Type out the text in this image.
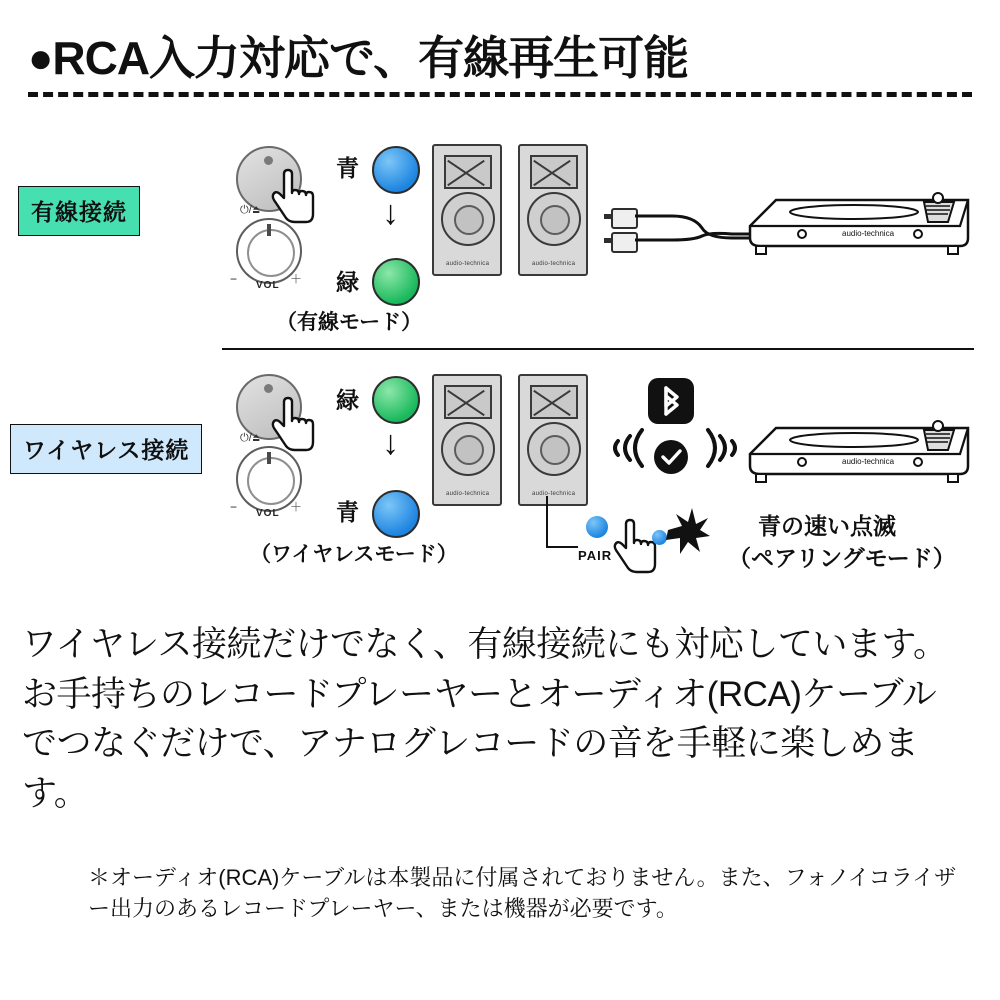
●RCA入力対応で、有線再生可能
有線接続	⏻/⏏
− VOL ＋
青
↓
緑
（有線モード）
audio-technica	audio-technica
audio-technica
ワイヤレス接続	⏻/⏏
− VOL ＋
緑
↓
青
（ワイヤレスモード）
audio-technica	audio-technica
audio-technica
PAIR
青の速い点滅
（ペアリングモード）
ワイヤレス接続だけでなく、有線接続にも対応しています。お手持ちのレコードプレーヤーとオーディオ(RCA)ケーブルでつなぐだけで、アナログレコードの音を手軽に楽しめます。
＊オーディオ(RCA)ケーブルは本製品に付属されておりません。また、フォノイコライザー出力のあるレコードプレーヤー、または機器が必要です。
